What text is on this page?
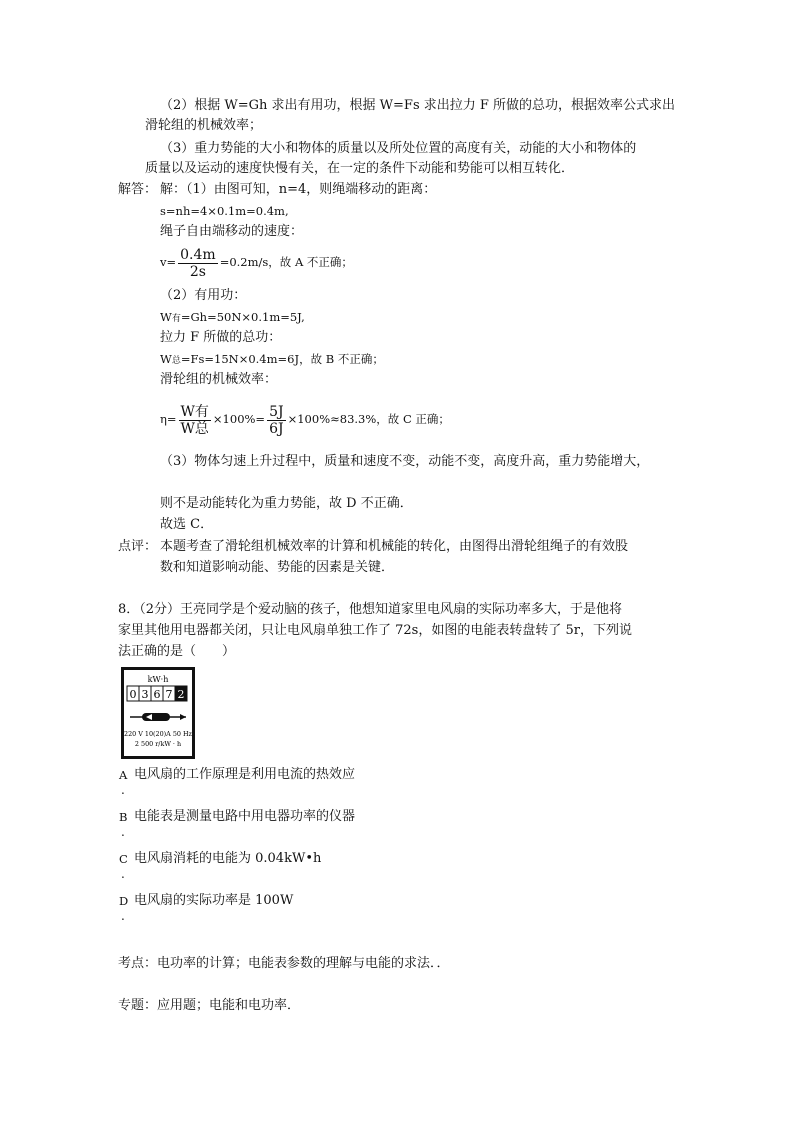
（2）根据 W=Gh 求出有用功，根据 W=Fs 求出拉力 F 所做的总功，根据效率公式求出
滑轮组的机械效率；
（3）重力势能的大小和物体的质量以及所处位置的高度有关，动能的大小和物体的
质量以及运动的速度快慢有关，在一定的条件下动能和势能可以相互转化．
解答： 解：（1）由图可知，n=4，则绳端移动的距离：
s=nh=4×0.1m=0.4m,
绳子自由端移动的速度：
$v= \frac{0.4m}{2s} =0.2m/s$，故 A 不正确；
（2）有用功：
W有=Gh=50N×0.1m=5J,
拉力 F 所做的总功：
W总=Fs=15N×0.4m=6J，故 B 不正确；
滑轮组的机械效率：
$\eta= \frac{\text{W有}}{\text{W总}} \times 100\%= \frac{5J}{6J} \times 100\%\approx 83.3\%$，故 C 正确；
（3）物体匀速上升过程中，质量和速度不变，动能不变，高度升高，重力势能增大，
则不是动能转化为重力势能，故 D 不正确．
故选 C．
点评： 本题考查了滑轮组机械效率的计算和机械能的转化，由图得出滑轮组绳子的有效股
数和知道影响动能、势能的因素是关键．
8．（2分）王亮同学是个爱动脑的孩子，他想知道家里电风扇的实际功率多大，于是他将
家里其他用电器都关闭，只让电风扇单独工作了 72s，如图的电能表转盘转了 5r，下列说
法正确的是（　　）
kW·h
0 3 6 7 2
220 V 10(20)A 50 Hz
2 500 r/kW · h
A 电风扇的工作原理是利用电流的热效应
.
B 电能表是测量电路中用电器功率的仪器
.
C 电风扇消耗的电能为 0.04kW•h
.
D 电风扇的实际功率是 100W
.
考点：电功率的计算；电能表参数的理解与电能的求法．．
专题：应用题；电能和电功率．
